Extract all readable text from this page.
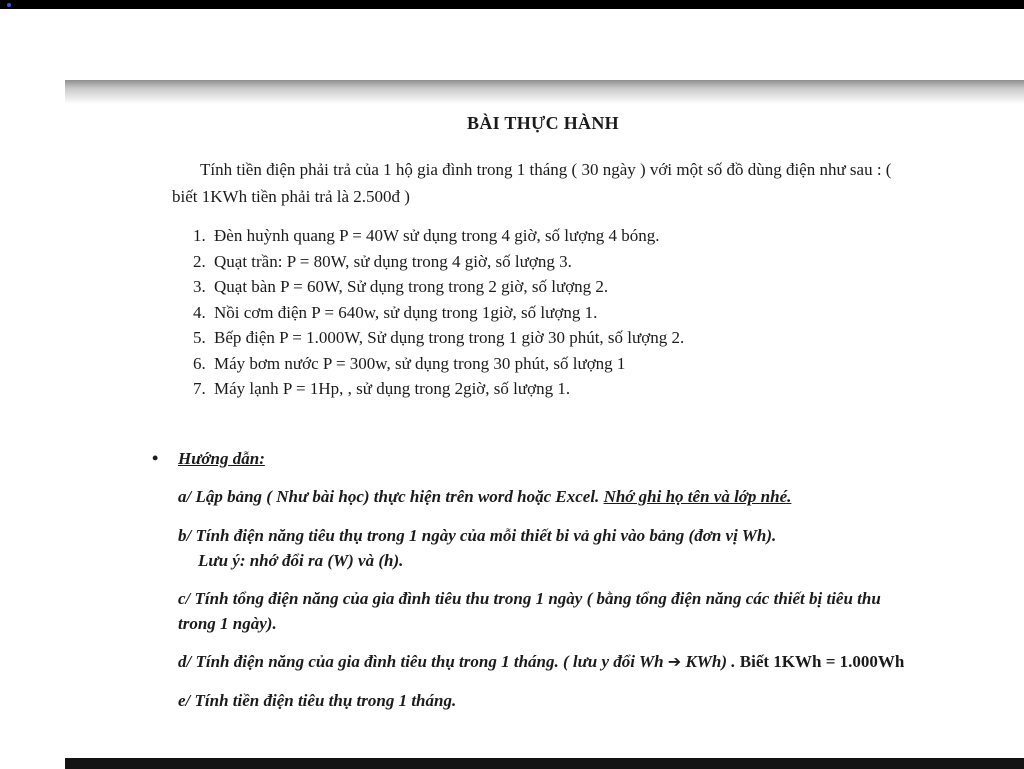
BÀI THỰC HÀNH

Tính tiền điện phải trả của 1 hộ gia đình trong 1 tháng ( 30 ngày ) với một số đồ dùng điện như sau : ( biết 1KWh tiền phải trả là 2.500đ )

1. Đèn huỳnh quang P = 40W sử dụng trong 4 giờ, số lượng 4 bóng.
2. Quạt trần: P = 80W, sử dụng trong 4 giờ, số lượng 3.
3. Quạt bàn P = 60W, Sử dụng trong trong 2 giờ, số lượng 2.
4. Nồi cơm điện P = 640w, sử dụng trong 1giờ, số lượng 1.
5. Bếp điện P = 1.000W, Sử dụng trong trong 1 giờ 30 phút, số lượng 2.
6. Máy bơm nước P = 300w, sử dụng trong 30 phút, số lượng 1
7. Máy lạnh P = 1Hp, , sử dụng trong 2giờ, số lượng 1.
• Hướng dẫn:

a/ Lập bảng ( Như bài học) thực hiện trên word hoặc Excel. Nhớ ghi họ tên và lớp nhé.

b/ Tính điện năng tiêu thụ trong 1 ngày của mỗi thiết bi vả ghi vào bảng (đơn vị Wh).
Lưu ý: nhớ đổi ra (W) và (h).

c/ Tính tổng điện năng của gia đình tiêu thu trong 1 ngày ( bằng tổng điện năng các thiết bị tiêu thu trong 1 ngày).

d/ Tính điện năng của gia đình tiêu thụ trong 1 tháng. ( lưu y đổi Wh ➔ KWh) . Biết 1KWh = 1.000Wh

e/ Tính tiền điện tiêu thụ trong 1 tháng.
